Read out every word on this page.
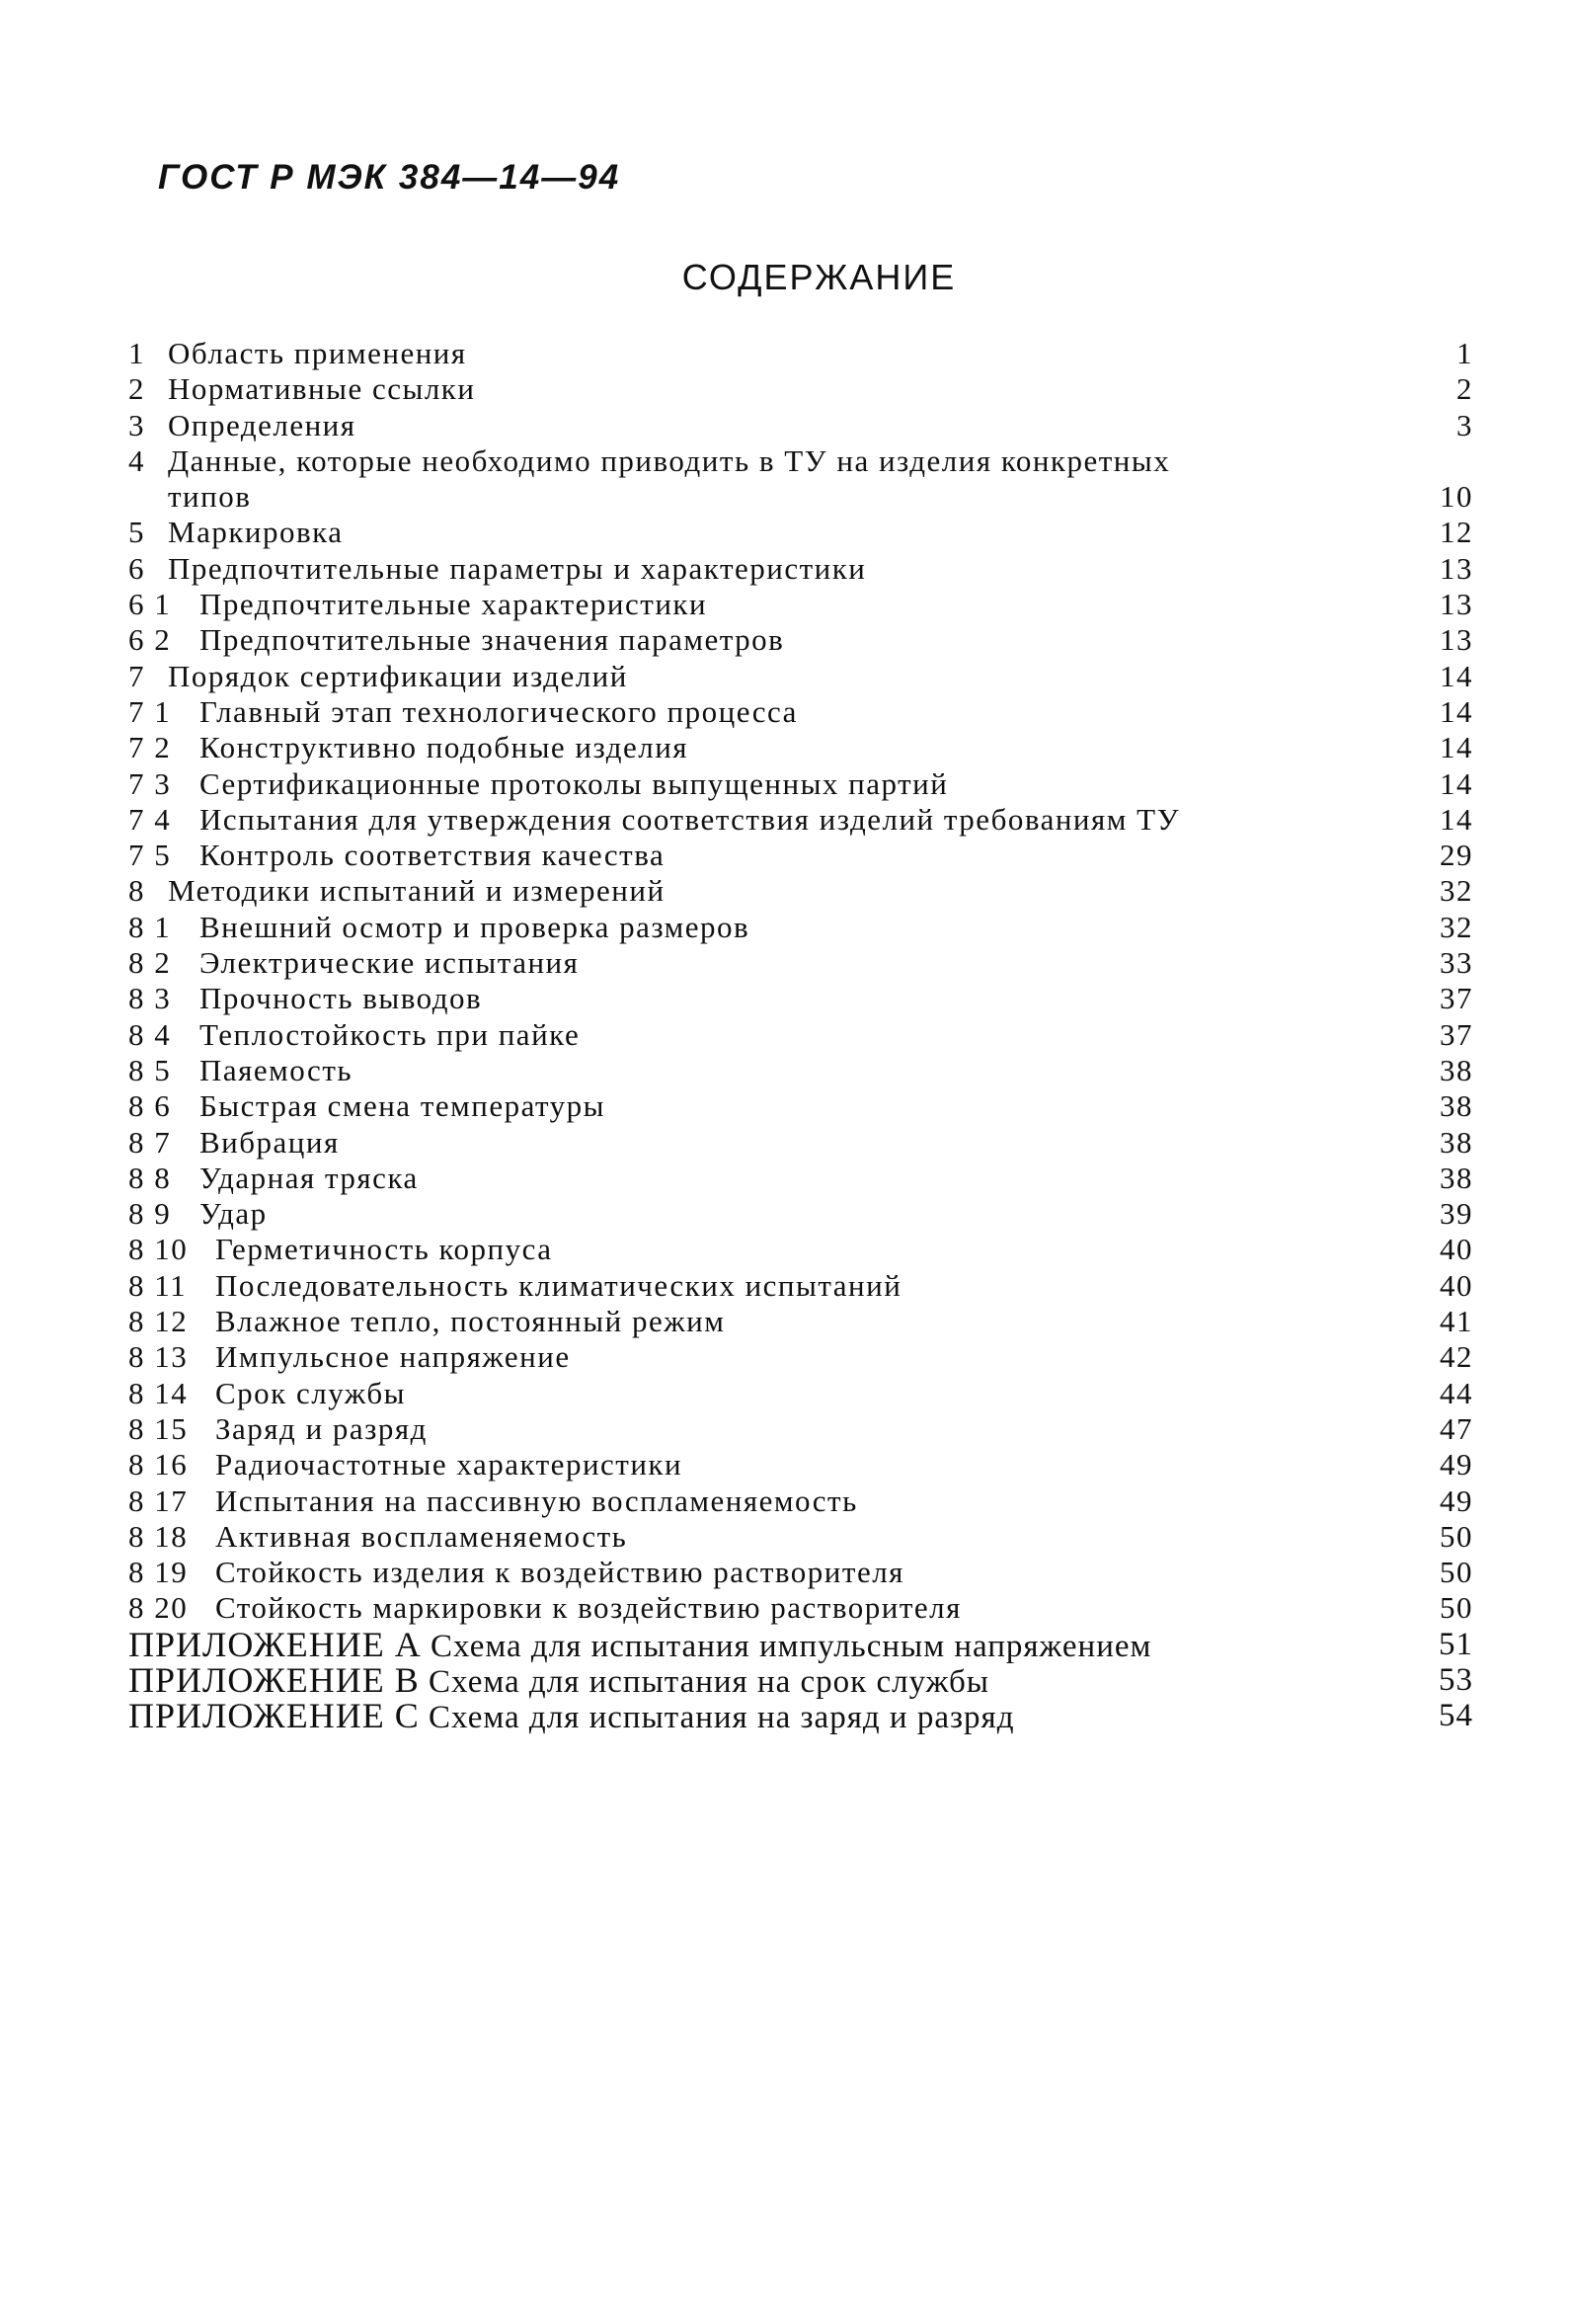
ГОСТ Р МЭК 384—14—94
СОДЕРЖАНИЕ
1 Область применения	1
2 Нормативные ссылки	2
3 Определения	3
4 Данные, которые необходимо приводить в ТУ на изделия конкретных
типов	10
5 Маркировка	12
6 Предпочтительные параметры и характеристики	13
6 1 Предпочтительные характеристики	13
6 2 Предпочтительные значения параметров	13
7 Порядок сертификации изделий	14
7 1 Главный этап технологического процесса	14
7 2 Конструктивно подобные изделия	14
7 3 Сертификационные протоколы выпущенных партий	14
7 4 Испытания для утверждения соответствия изделий требованиям ТУ	14
7 5 Контроль соответствия качества	29
8 Методики испытаний и измерений	32
8 1 Внешний осмотр и проверка размеров	32
8 2 Электрические испытания	33
8 3 Прочность выводов	37
8 4 Теплостойкость при пайке	37
8 5 Паяемость	38
8 6 Быстрая смена температуры	38
8 7 Вибрация	38
8 8 Ударная тряска	38
8 9 Удар	39
8 10 Герметичность корпуса	40
8 11 Последовательность климатических испытаний	40
8 12 Влажное тепло, постоянный режим	41
8 13 Импульсное напряжение	42
8 14 Срок службы	44
8 15 Заряд и разряд	47
8 16 Радиочастотные характеристики	49
8 17 Испытания на пассивную воспламеняемость	49
8 18 Активная воспламеняемость	50
8 19 Стойкость изделия к воздействию растворителя	50
8 20 Стойкость маркировки к воздействию растворителя	50
ПРИЛОЖЕНИЕ А Схема для испытания импульсным напряжением	51
ПРИЛОЖЕНИЕ В Схема для испытания на срок службы	53
ПРИЛОЖЕНИЕ С Схема для испытания на заряд и разряд	54
